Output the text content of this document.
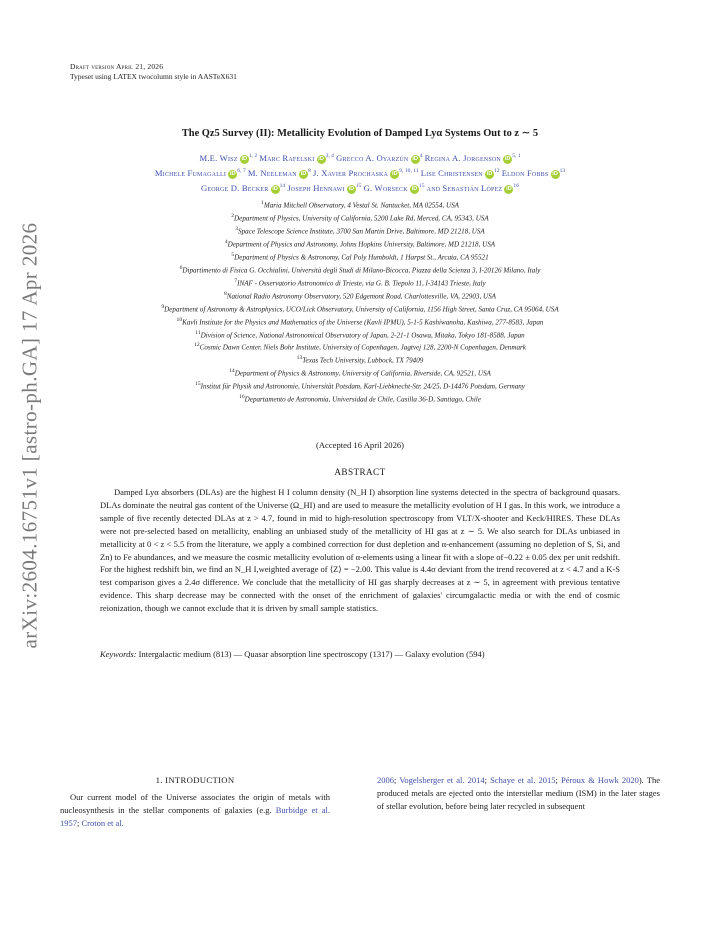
Draft version April 21, 2026
Typeset using LATEX twocolumn style in AASTeX631
arXiv:2604.16751v1 [astro-ph.GA] 17 Apr 2026
The Qz5 Survey (II): Metallicity Evolution of Damped Lyα Systems Out to z ∼ 5
M.E. Wisz iD $^{1, 2}$ Marc Rafelski iD $^{3, 4}$ Grecco A. Oyarzún iD $^4$ Regina A. Jorgenson iD $^{5, 1}$
Michele Fumagalli iD $^{6, 7}$ M. Neeleman iD $^8$ J. Xavier Prochaska iD $^{9, 10, 11}$ Lise Christensen iD $^{12}$ Eldon Fobbs iD $^{13}$
George D. Becker iD $^{14}$ Joseph Hennawi iD $^{15}$ G. Worseck iD $^{15}$ and Sebastián López iD $^{16}$
$^1$Maria Mitchell Observatory, 4 Vestal St. Nantucket, MA 02554, USA
$^2$Department of Physics, University of California, 5200 Lake Rd, Merced, CA, 95343, USA
$^3$Space Telescope Science Institute, 3700 San Martin Drive, Baltimore, MD 21218, USA
$^4$Department of Physics and Astronomy, Johns Hopkins University, Baltimore, MD 21218, USA
$^5$Department of Physics & Astronomy, Cal Poly Humboldt, 1 Harpst St., Arcata, CA 95521
$^6$Dipartimento di Fisica G. Occhialini, Università degli Studi di Milano-Bicocca, Piazza della Scienza 3, I-20126 Milano, Italy
$^7$INAF - Osservatorio Astronomico di Trieste, via G. B. Tiepolo 11, I-34143 Trieste, Italy
$^8$National Radio Astronomy Observatory, 520 Edgemont Road, Charlottesville, VA, 22903, USA
$^9$Department of Astronomy & Astrophysics, UCO/Lick Observatory, University of California, 1156 High Street, Santa Cruz, CA 95064, USA
$^{10}$Kavli Institute for the Physics and Mathematics of the Universe (Kavli IPMU), 5-1-5 Kashiwanoha, Kashiwa, 277-8583, Japan
$^{11}$Division of Science, National Astronomical Observatory of Japan, 2-21-1 Osawa, Mitaka, Tokyo 181-8588, Japan
$^{12}$Cosmic Dawn Center, Niels Bohr Institute, University of Copenhagen, Jagtvej 128, 2200-N Copenhagen, Denmark
$^{13}$Texas Tech University, Lubbock, TX 79409
$^{14}$Department of Physics & Astronomy, University of California, Riverside, CA, 92521, USA
$^{15}$Institut für Physik und Astronomie, Universität Potsdam, Karl-Liebknecht-Str. 24/25, D-14476 Potsdam, Germany
$^{16}$Departamento de Astronomía, Universidad de Chile, Casilla 36-D, Santiago, Chile
(Accepted 16 April 2026)
ABSTRACT
Damped Lyα absorbers (DLAs) are the highest H I column density (N_H I) absorption line systems detected in the spectra of background quasars. DLAs dominate the neutral gas content of the Universe (Ω_HI) and are used to measure the metallicity evolution of H I gas. In this work, we introduce a sample of five recently detected DLAs at z > 4.7, found in mid to high-resolution spectroscopy from VLT/X-shooter and Keck/HIRES. These DLAs were not pre-selected based on metallicity, enabling an unbiased study of the metallicity of HI gas at z ∼ 5. We also search for DLAs unbiased in metallicity at 0 < z < 5.5 from the literature, we apply a combined correction for dust depletion and α-enhancement (assuming no depletion of S, Si, and Zn) to Fe abundances, and we measure the cosmic metallicity evolution of α-elements using a linear fit with a slope of−0.22 ± 0.05 dex per unit redshift. For the highest redshift bin, we find an N_H I,weighted average of ⟨Z⟩ = −2.00. This value is 4.4σ deviant from the trend recovered at z < 4.7 and a K-S test comparison gives a 2.4σ difference. We conclude that the metallicity of HI gas sharply decreases at z ∼ 5, in agreement with previous tentative evidence. This sharp decrease may be connected with the onset of the enrichment of galaxies' circumgalactic media or with the end of cosmic reionization, though we cannot exclude that it is driven by small sample statistics.
Keywords: Intergalactic medium (813) — Quasar absorption line spectroscopy (1317) — Galaxy evolution (594)
1. INTRODUCTION
Our current model of the Universe associates the origin of metals with nucleosynthesis in the stellar components of galaxies (e.g. Burbidge et al. 1957; Croton et al.
2006; Vogelsberger et al. 2014; Schaye et al. 2015; Péroux & Howk 2020). The produced metals are ejected onto the interstellar medium (ISM) in the later stages of stellar evolution, before being later recycled in subsequent
